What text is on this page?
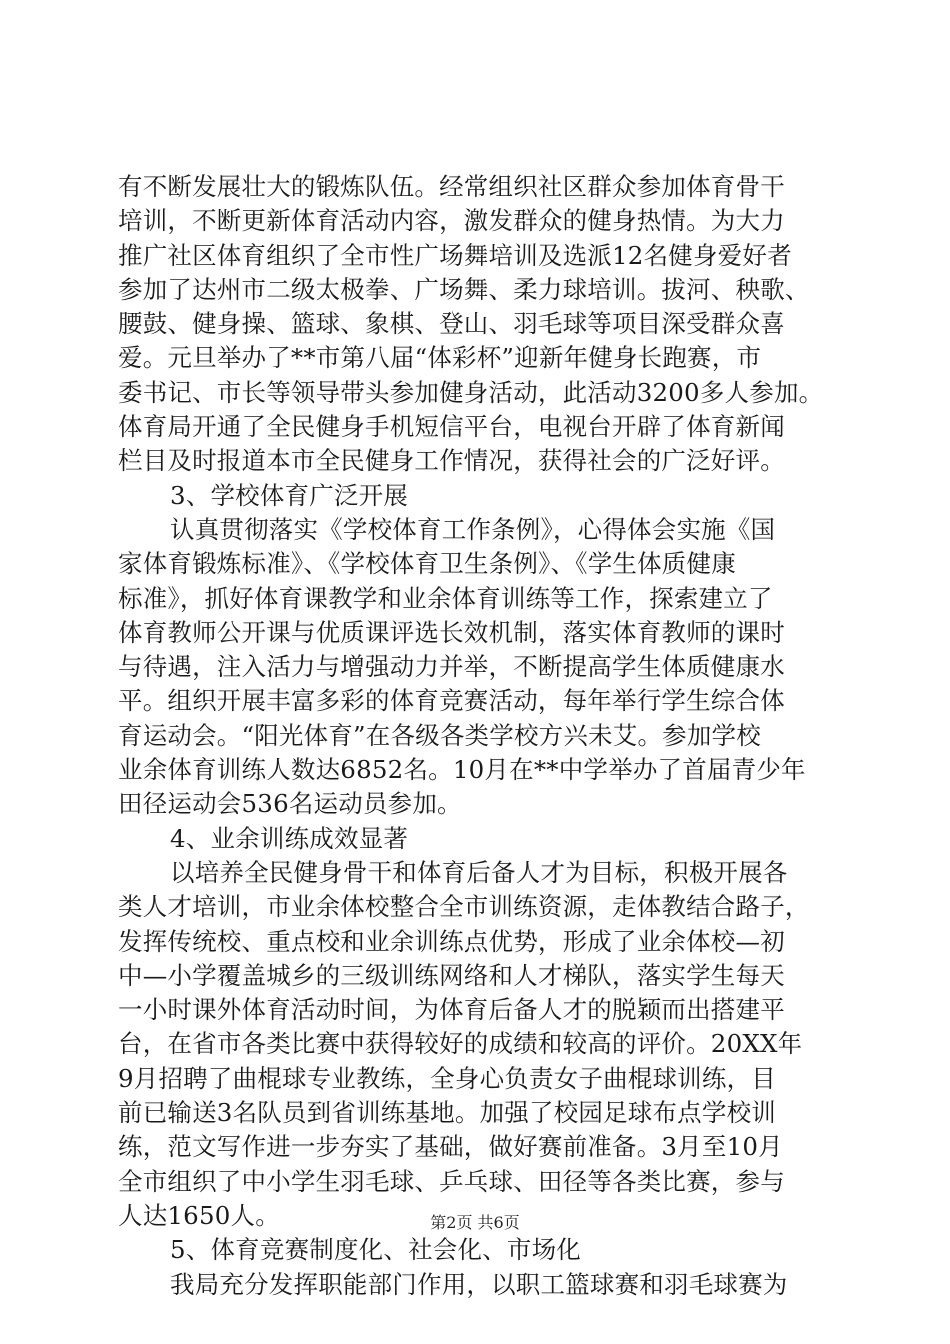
有不断发展壮大的锻炼队伍。经常组织社区群众参加体育骨干
培训，不断更新体育活动内容，激发群众的健身热情。为大力
推广社区体育组织了全市性广场舞培训及选派12名健身爱好者
参加了达州市二级太极拳、广场舞、柔力球培训。拔河、秧歌、
腰鼓、健身操、篮球、象棋、登山、羽毛球等项目深受群众喜
爱。元旦举办了**市第八届“体彩杯”迎新年健身长跑赛，市
委书记、市长等领导带头参加健身活动，此活动3200多人参加。
体育局开通了全民健身手机短信平台，电视台开辟了体育新闻
栏目及时报道本市全民健身工作情况，获得社会的广泛好评。
3、学校体育广泛开展
认真贯彻落实《学校体育工作条例》，心得体会实施《国
家体育锻炼标准》、《学校体育卫生条例》、《学生体质健康
标准》，抓好体育课教学和业余体育训练等工作，探索建立了
体育教师公开课与优质课评选长效机制，落实体育教师的课时
与待遇，注入活力与增强动力并举，不断提高学生体质健康水
平。组织开展丰富多彩的体育竞赛活动，每年举行学生综合体
育运动会。“阳光体育”在各级各类学校方兴未艾。参加学校
业余体育训练人数达6852名。10月在**中学举办了首届青少年
田径运动会536名运动员参加。
4、业余训练成效显著
以培养全民健身骨干和体育后备人才为目标，积极开展各
类人才培训，市业余体校整合全市训练资源，走体教结合路子，
发挥传统校、重点校和业余训练点优势，形成了业余体校—初
中—小学覆盖城乡的三级训练网络和人才梯队，落实学生每天
一小时课外体育活动时间，为体育后备人才的脱颖而出搭建平
台，在省市各类比赛中获得较好的成绩和较高的评价。20XX年
9月招聘了曲棍球专业教练，全身心负责女子曲棍球训练，目
前已输送3名队员到省训练基地。加强了校园足球布点学校训
练，范文写作进一步夯实了基础，做好赛前准备。3月至10月
全市组织了中小学生羽毛球、乒乓球、田径等各类比赛，参与
人达1650人。
5、体育竞赛制度化、社会化、市场化
我局充分发挥职能部门作用，以职工篮球赛和羽毛球赛为
第2页 共6页
